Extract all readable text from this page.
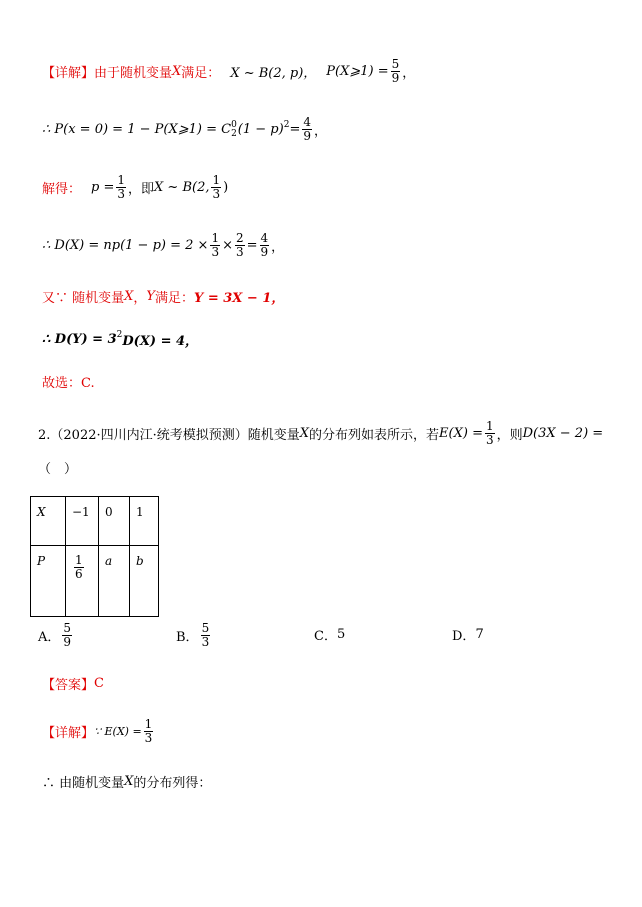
【详解】 由于随机变量 X 满足： X ~ B(2, p)， P(X⩾1) = $\frac{5}{9}$ ，
∴ P(x = 0) = 1 − P(X⩾1) = C 0
2 $(1 - p)^2 = \frac{4}{9}$ ，
解得： $p = \frac{1}{3}$ ，即 X ~ B(2, $\frac{1}{3}$ )
∴ $D(X) = np(1 - p) = 2 \times \frac{1}{3} \times \frac{2}{3} = \frac{4}{9}$ ，
又∵ 随机变量 X ， Y 满足： Y = 3X − 1，
∴ $D(Y) = 3^2$ D(X) = 4，
故选：C.
2.（2022·四川内江·统考模拟预测）随机变量 X 的分布列如表所示，若 $E(X) = \frac{1}{3}$ ，则 D(3X − 2) =
（　）
X	−1	0	1
P	$\frac{1}{6}$	a	b
A． $\frac{5}{9}$	B． $\frac{5}{3}$	C． 5	D． 7
【答案】 C
【详解】 ∵ $E(X) = \frac{1}{3}$
∴ 由随机变量 X 的分布列得：
